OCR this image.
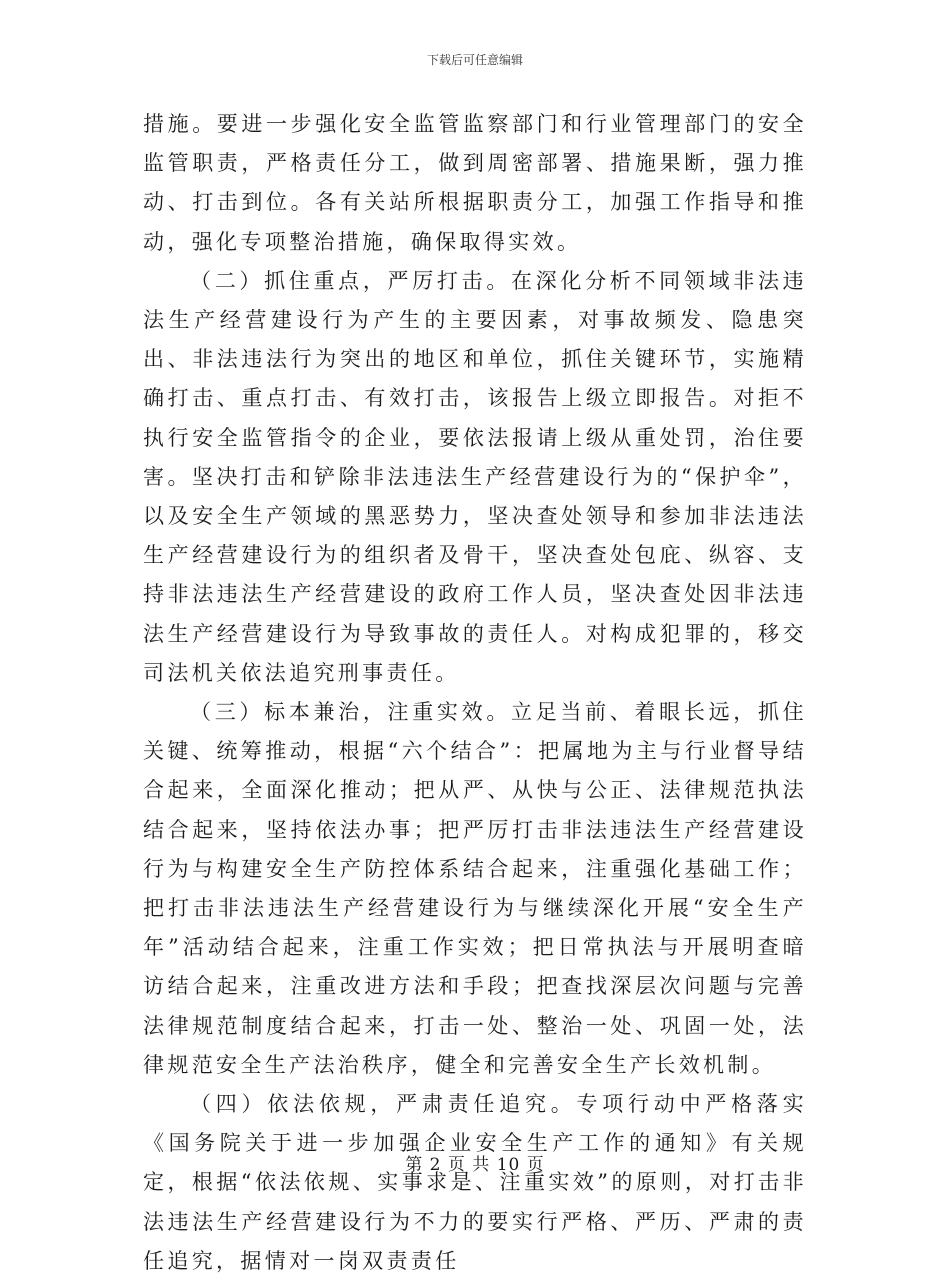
下载后可任意编辑

措施。要进一步强化安全监管监察部门和行业管理部门的安全监管职责，严格责任分工，做到周密部署、措施果断，强力推动、打击到位。各有关站所根据职责分工，加强工作指导和推动，强化专项整治措施，确保取得实效。

（二）抓住重点，严厉打击。在深化分析不同领域非法违法生产经营建设行为产生的主要因素，对事故频发、隐患突出、非法违法行为突出的地区和单位，抓住关键环节，实施精确打击、重点打击、有效打击，该报告上级立即报告。对拒不执行安全监管指令的企业，要依法报请上级从重处罚，治住要害。坚决打击和铲除非法违法生产经营建设行为的“保护伞”，以及安全生产领域的黑恶势力，坚决查处领导和参加非法违法生产经营建设行为的组织者及骨干，坚决查处包庇、纵容、支持非法违法生产经营建设的政府工作人员，坚决查处因非法违法生产经营建设行为导致事故的责任人。对构成犯罪的，移交司法机关依法追究刑事责任。

（三）标本兼治，注重实效。立足当前、着眼长远，抓住关键、统筹推动，根据“六个结合”：把属地为主与行业督导结合起来，全面深化推动；把从严、从快与公正、法律规范执法结合起来，坚持依法办事；把严厉打击非法违法生产经营建设行为与构建安全生产防控体系结合起来，注重强化基础工作；把打击非法违法生产经营建设行为与继续深化开展“安全生产年”活动结合起来，注重工作实效；把日常执法与开展明查暗访结合起来，注重改进方法和手段；把查找深层次问题与完善法律规范制度结合起来，打击一处、整治一处、巩固一处，法律规范安全生产法治秩序，健全和完善安全生产长效机制。

（四）依法依规，严肃责任追究。专项行动中严格落实《国务院关于进一步加强企业安全生产工作的通知》有关规定，根据“依法依规、实事求是、注重实效”的原则，对打击非法违法生产经营建设行为不力的要实行严格、严历、严肃的责任追究，据情对一岗双责责任

第 2 页 共 10 页
